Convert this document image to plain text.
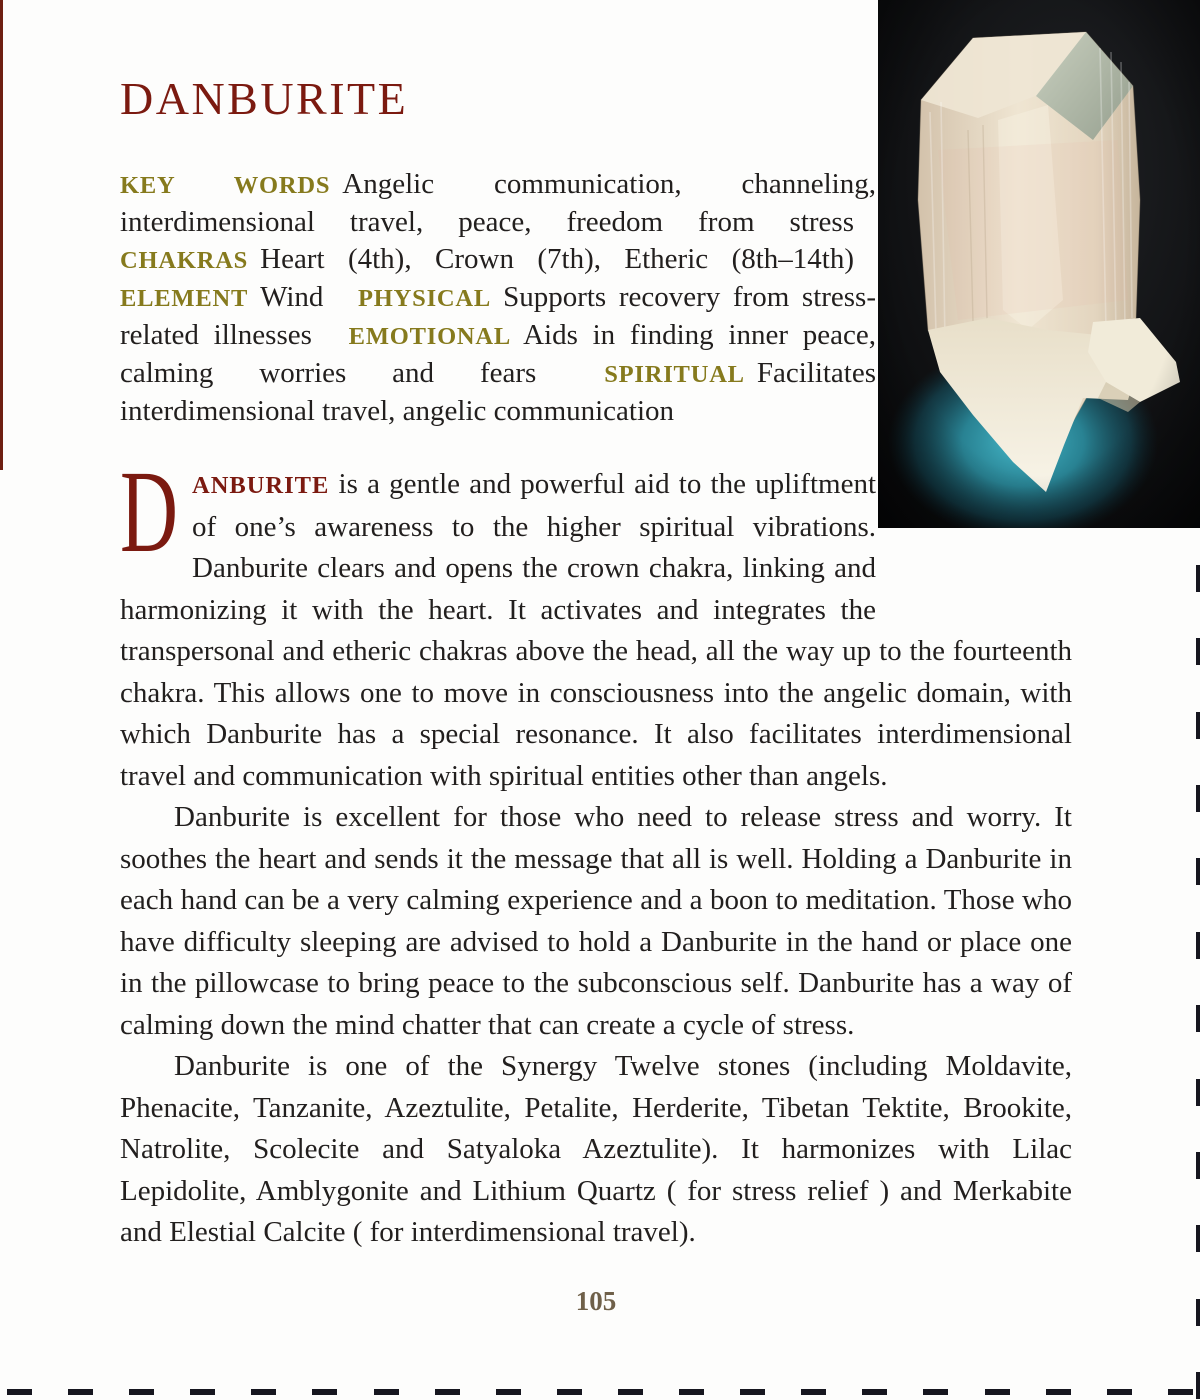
DANBURITE
KEY WORDS Angelic communication, channeling, interdimensional travel, peace, freedom from stress CHAKRAS Heart (4th), Crown (7th), Etheric (8th–14th) ELEMENT Wind PHYSICAL Supports recovery from stress-related illnesses EMOTIONAL Aids in finding inner peace, calming worries and fears	SPIRITUAL Facilitates interdimensional travel, angelic communication

DANBURITE is a gentle and powerful aid to the upliftment of one’s awareness to the higher spiritual vibrations. Danburite clears and opens the crown chakra, linking and harmonizing it with the heart. It activates and integrates the transpersonal and etheric chakras above the head, all the way up to the fourteenth chakra. This allows one to move in consciousness into the angelic domain, with which Danburite has a special resonance. It also facilitates interdimensional travel and communication with spiritual entities other than angels.

Danburite is excellent for those who need to release stress and worry. It soothes the heart and sends it the message that all is well. Holding a Danburite in each hand can be a very calming experience and a boon to meditation. Those who have difficulty sleeping are advised to hold a Danburite in the hand or place one in the pillowcase to bring peace to the subconscious self. Danburite has a way of calming down the mind chatter that can create a cycle of stress.

Danburite is one of the Synergy Twelve stones (including Moldavite, Phenacite, Tanzanite, Azeztulite, Petalite, Herderite, Tibetan Tektite, Brookite, Natrolite, Scolecite and Satyaloka Azeztulite). It harmonizes with Lilac Lepidolite, Amblygonite and Lithium Quartz ( for stress relief ) and Merkabite and Elestial Calcite ( for interdimensional travel).

105
